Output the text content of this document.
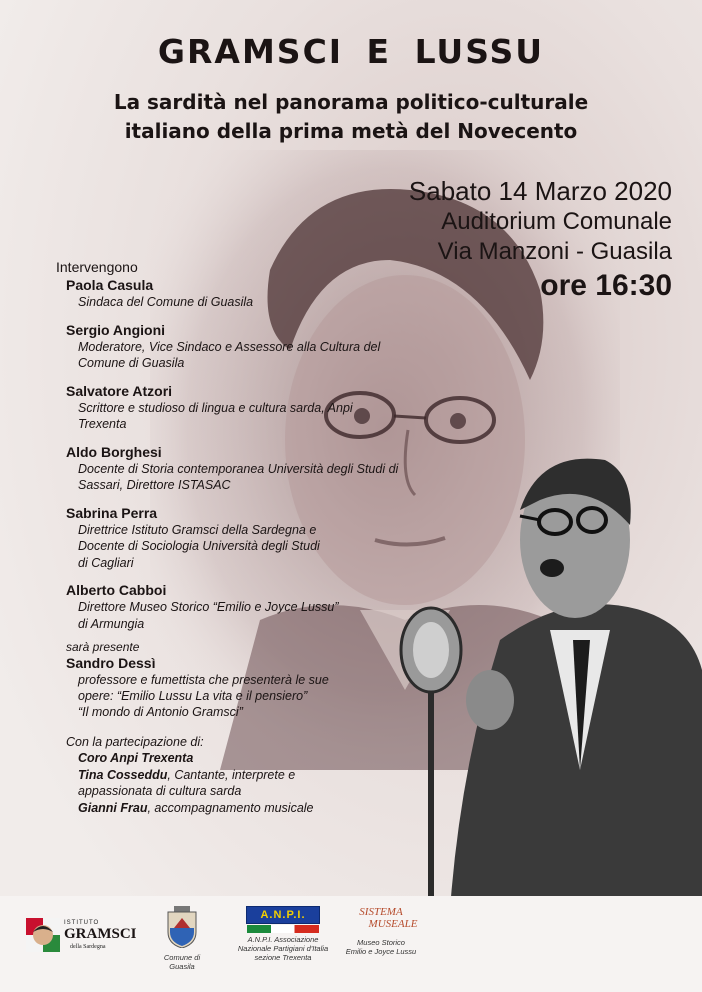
GRAMSCI E LUSSU
La sardità nel panorama politico-culturale
italiano della prima metà del Novecento
Sabato 14 Marzo 2020
Auditorium Comunale
Via Manzoni - Guasila
ore 16:30
Intervengono
Paola Casula
Sindaca del Comune di Guasila
Sergio Angioni
Moderatore, Vice Sindaco e Assessore alla Cultura del
Comune di Guasila
Salvatore Atzori
Scrittore e studioso di lingua e cultura sarda, Anpi
Trexenta
Aldo Borghesi
Docente di Storia contemporanea Università degli Studi di
Sassari, Direttore ISTASAC
Sabrina Perra
Direttrice Istituto Gramsci della Sardegna e
Docente di Sociologia Università degli Studi
di Cagliari
Alberto Cabboi
Direttore Museo Storico “Emilio e Joyce Lussu”
di Armungia
sarà presente
Sandro Dessì
professore e fumettista che presenterà le sue
opere: “Emilio Lussu La vita e il pensiero”
“Il mondo di Antonio Gramsci”
Con la partecipazione di:
Coro Anpi Trexenta
Tina Cosseddu, Cantante, interprete e
appassionata di cultura sarda
Gianni Frau, accompagnamento musicale
ISTITUTO
GRAMSCI
della Sardegna
Comune di
Guasila
A.N.P.I.
A.N.P.I. Associazione
Nazionale Partigiani d'Italia
sezione Trexenta
SISTEMA
MUSEALE
Museo Storico
Emilio e Joyce Lussu
